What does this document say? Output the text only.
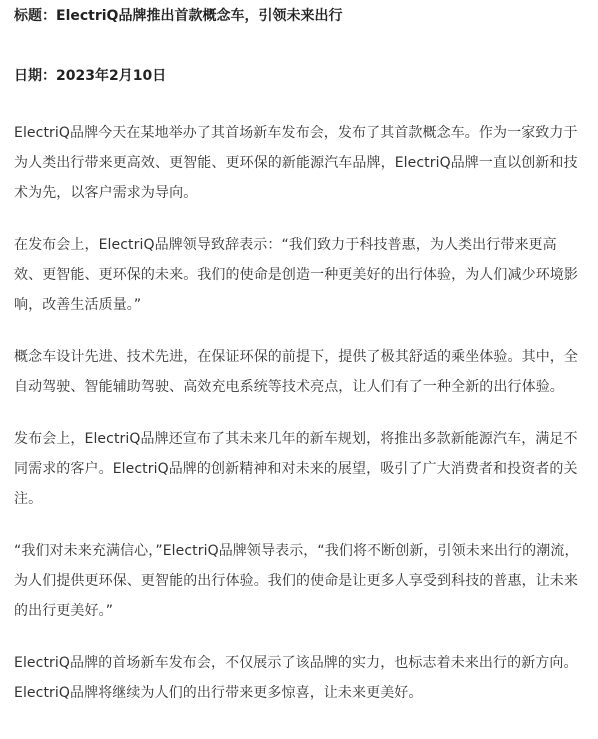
标题：ElectriQ品牌推出首款概念车，引领未来出行

日期：2023年2月10日

ElectriQ品牌今天在某地举办了其首场新车发布会，发布了其首款概念车。作为一家致力于为人类出行带来更高效、更智能、更环保的新能源汽车品牌，ElectriQ品牌一直以创新和技术为先，以客户需求为导向。

在发布会上，ElectriQ品牌领导致辞表示：“我们致力于科技普惠，为人类出行带来更高效、更智能、更环保的未来。我们的使命是创造一种更美好的出行体验，为人们减少环境影响，改善生活质量。”

概念车设计先进、技术先进，在保证环保的前提下，提供了极其舒适的乘坐体验。其中，全自动驾驶、智能辅助驾驶、高效充电系统等技术亮点，让人们有了一种全新的出行体验。

发布会上，ElectriQ品牌还宣布了其未来几年的新车规划，将推出多款新能源汽车，满足不同需求的客户。ElectriQ品牌的创新精神和对未来的展望，吸引了广大消费者和投资者的关注。

“我们对未来充满信心，”ElectriQ品牌领导表示，“我们将不断创新，引领未来出行的潮流，为人们提供更环保、更智能的出行体验。我们的使命是让更多人享受到科技的普惠，让未来的出行更美好。”

ElectriQ品牌的首场新车发布会，不仅展示了该品牌的实力，也标志着未来出行的新方向。ElectriQ品牌将继续为人们的出行带来更多惊喜，让未来更美好。
